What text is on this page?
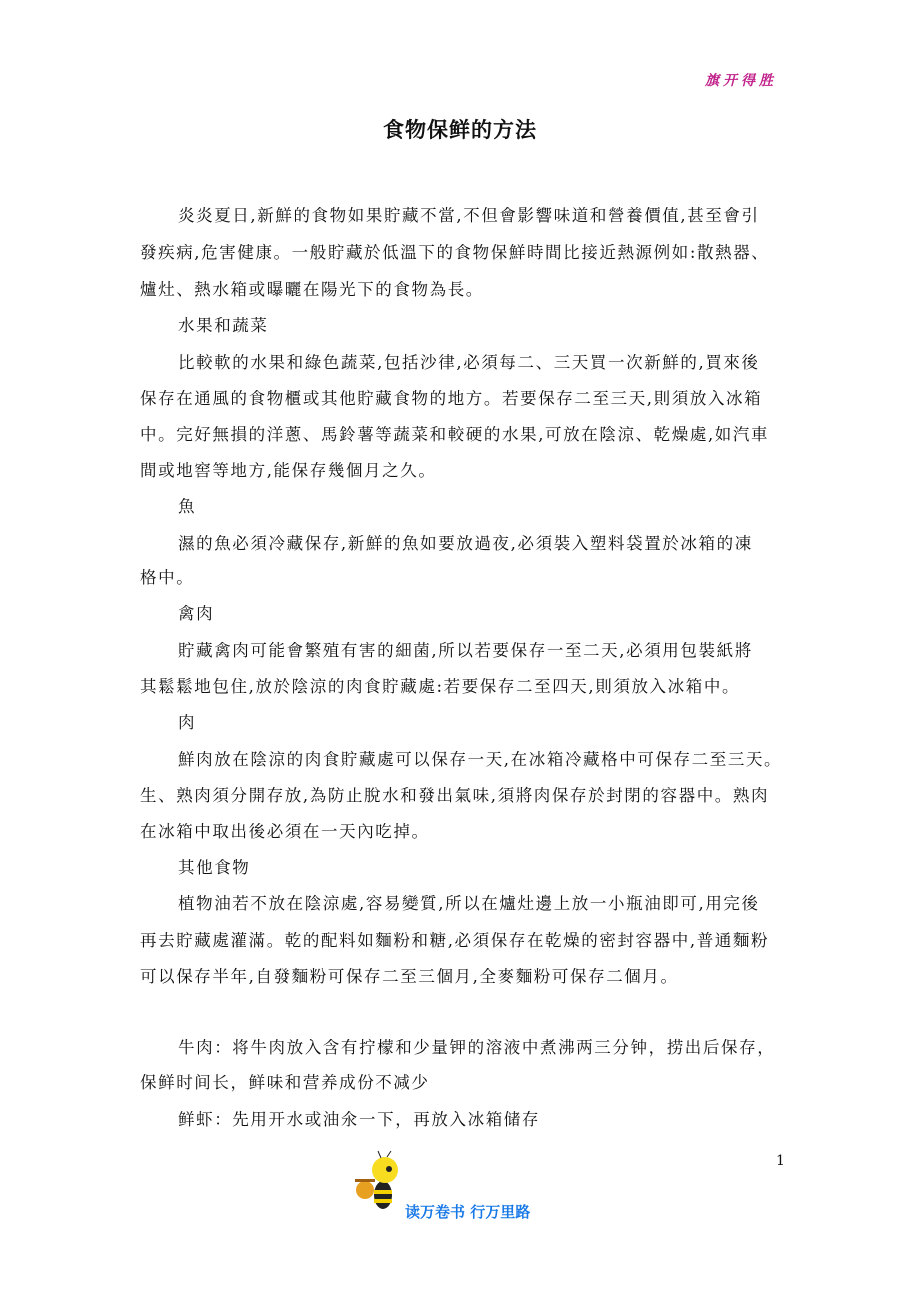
旗开得胜
食物保鲜的方法
炎炎夏日,新鮮的食物如果貯藏不當,不但會影響味道和營養價值,甚至會引
發疾病,危害健康。一般貯藏於低溫下的食物保鮮時間比接近熱源例如:散熱器、
爐灶、熱水箱或曝曬在陽光下的食物為長。
水果和蔬菜
比較軟的水果和綠色蔬菜,包括沙律,必須每二、三天買一次新鮮的,買來後
保存在通風的食物櫃或其他貯藏食物的地方。若要保存二至三天,則須放入冰箱
中。完好無損的洋蔥、馬鈴薯等蔬菜和較硬的水果,可放在陰涼、乾燥處,如汽車
間或地窖等地方,能保存幾個月之久。
魚
濕的魚必須冷藏保存,新鮮的魚如要放過夜,必須裝入塑料袋置於冰箱的凍
格中。
禽肉
貯藏禽肉可能會繁殖有害的細菌,所以若要保存一至二天,必須用包裝紙將
其鬆鬆地包住,放於陰涼的肉食貯藏處:若要保存二至四天,則須放入冰箱中。
肉
鮮肉放在陰涼的肉食貯藏處可以保存一天,在冰箱冷藏格中可保存二至三天。
生、熟肉須分開存放,為防止脫水和發出氣味,須將肉保存於封閉的容器中。熟肉
在冰箱中取出後必須在一天內吃掉。
其他食物
植物油若不放在陰涼處,容易變質,所以在爐灶邊上放一小瓶油即可,用完後
再去貯藏處灌滿。乾的配料如麵粉和糖,必須保存在乾燥的密封容器中,普通麵粉
可以保存半年,自發麵粉可保存二至三個月,全麥麵粉可保存二個月。
牛肉：将牛肉放入含有拧檬和少量钾的溶液中煮沸两三分钟，捞出后保存，
保鲜时间长，鲜味和营养成份不减少
鲜虾：先用开水或油氽一下，再放入冰箱储存
1
读万卷书 行万里路
